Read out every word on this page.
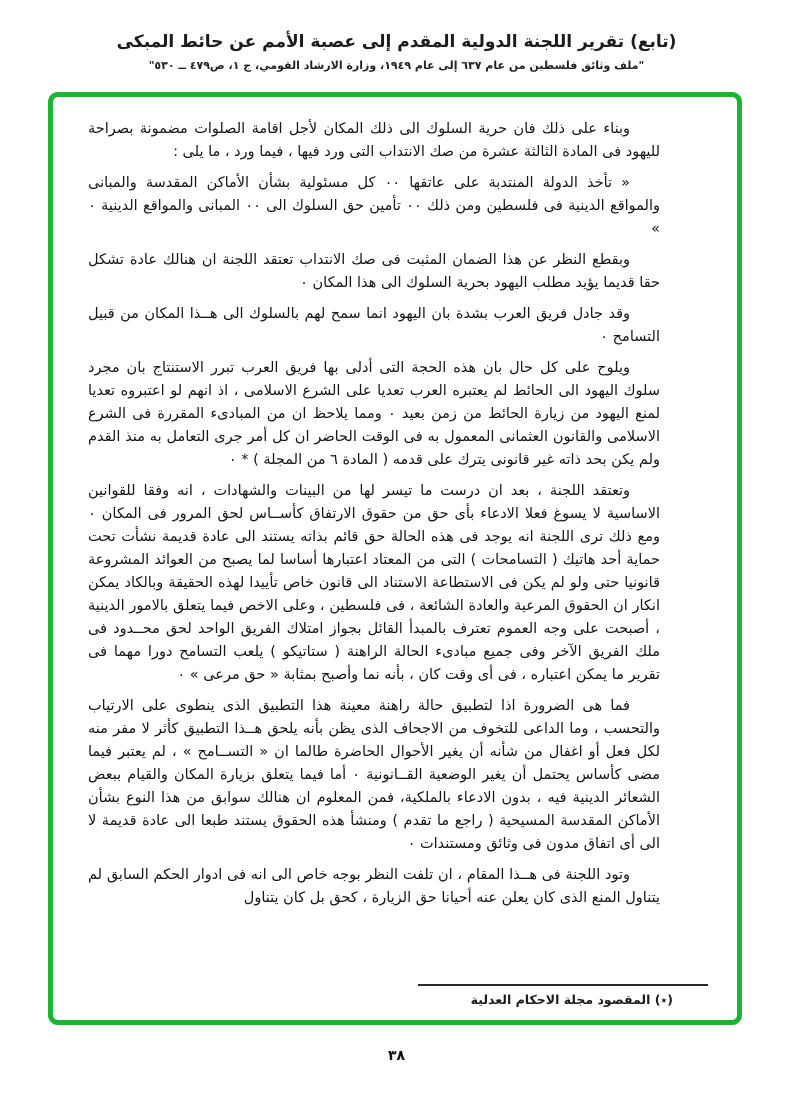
(تابع) تقرير اللجنة الدولية المقدم إلى عصبة الأمم عن حائط المبكى
"ملف وثائق فلسطين من عام ٦٣٧ إلى عام ١٩٤٩، وزارة الارشاد القومي، ج ١، ص٤٧٩ ــ ٥٣٠"

وبناء على ذلك فان حرية السلوك الى ذلك المكان لأجل اقامة الصلوات مضمونة بصراحة لليهود فى المادة الثالثة عشرة من صك الانتداب التى ورد فيها ، فيما ورد ، ما يلى :

« تأخذ الدولة المنتدبة على عاتقها ٠٠ كل مسئولية بشأن الأماكن المقدسة والمبانى والمواقع الدينية فى فلسطين ومن ذلك ٠٠ تأمين حق السلوك الى ٠٠ المبانى والمواقع الدينية ٠ »

وبقطع النظر عن هذا الضمان المثبت فى صك الانتداب تعتقد اللجنة ان هنالك عادة تشكل حقا قديما يؤيد مطلب اليهود بحرية السلوك الى هذا المكان ٠

وقد جادل فريق العرب بشدة بان اليهود انما سمح لهم بالسلوك الى هــذا المكان من قبيل التسامح ٠

ويلوح على كل حال بان هذه الحجة التى أدلى بها فريق العرب تبرر الاستنتاج بان مجرد سلوك اليهود الى الحائط لم يعتبره العرب تعديا على الشرع الاسلامى ، اذ انهم لو اعتبروه تعديا لمنع اليهود من زيارة الحائط من زمن بعيد ٠ ومما يلاحظ ان من المبادىء المقررة فى الشرع الاسلامى والقانون العثمانى المعمول به فى الوقت الحاضر ان كل أمر جرى التعامل به منذ القدم ولم يكن بحد ذاته غير قانونى يترك على قدمه ( المادة ٦ من المجلة ) * ٠

وتعتقد اللجنة ، بعد ان درست ما تيسر لها من البينات والشهادات ، انه وفقا للقوانين الاساسية لا يسوغ فعلا الادعاء بأى حق من حقوق الارتفاق كأســاس لحق المرور فى المكان ٠ ومع ذلك ترى اللجنة انه يوجد فى هذه الحالة حق قائم بذاته يستند الى عادة قديمة نشأت تحت حماية أحد هاتيك ( التسامحات ) التى من المعتاد اعتبارها أساسا لما يصبح من العوائد المشروعة قانونيا حتى ولو لم يكن فى الاستطاعة الاستناد الى قانون خاص تأييدا لهذه الحقيقة وبالكاد يمكن انكار ان الحقوق المرعية والعادة الشائعة ، فى فلسطين ، وعلى الاخص فيما يتعلق بالامور الدينية ، أصبحت على وجه العموم تعترف بالمبدأ القائل بجواز امتلاك الفريق الواحد لحق محــدود فى ملك الفريق الآخر وفى جميع مبادىء الحالة الراهنة ( ستاتيكو ) يلعب التسامح دورا مهما فى تقرير ما يمكن اعتباره ، فى أى وقت كان ، بأنه نما وأصبح بمثابة « حق مرعى » ٠

فما هى الضرورة اذا لتطبيق حالة راهنة معينة هذا التطبيق الذى ينطوى على الارتياب والتحسب ، وما الداعى للتخوف من الاجحاف الذى يظن بأنه يلحق هــذا التطبيق كأثر لا مفر منه لكل فعل أو اغفال من شأنه أن يغير الأحوال الحاضرة طالما ان « التســامح » ، لم يعتبر فيما مضى كأساس يحتمل أن يغير الوضعية القــانونية ٠ أما فيما يتعلق بزيارة المكان والقيام ببعض الشعائر الدينية فيه ، بدون الادعاء بالملكية، فمن المعلوم ان هنالك سوابق من هذا النوع بشأن الأماكن المقدسة المسيحية ( راجع ما تقدم ) ومنشأ هذه الحقوق يستند طبعا الى عادة قديمة لا الى أى اتفاق مدون فى وثائق ومستندات ٠

وتود اللجنة فى هــذا المقام ، ان تلفت النظر بوجه خاص الى انه فى ادوار الحكم السابق لم يتناول المنع الذى كان يعلن عنه أحيانا حق الزيارة ، كحق بل كان يتناول

(٭) المقصود مجلة الاحكام العدلية
٣٨
